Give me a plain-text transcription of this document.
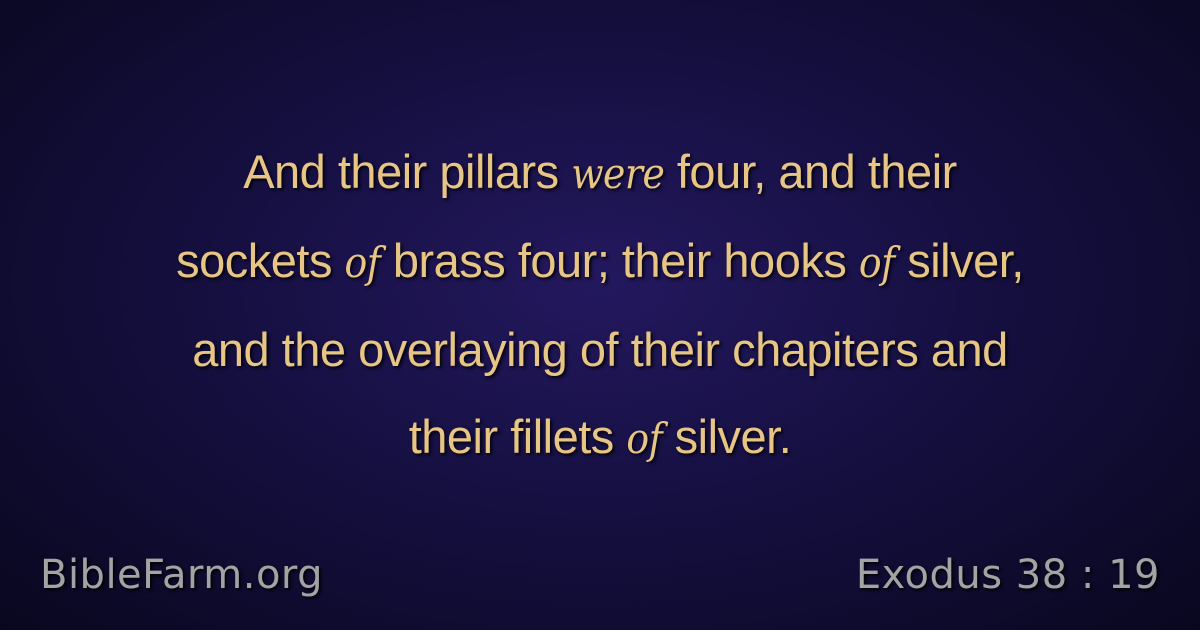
And their pillars were four, and their
sockets of brass four; their hooks of silver,
and the overlaying of their chapiters and
their fillets of silver.
BibleFarm.org	Exodus 38 : 19
